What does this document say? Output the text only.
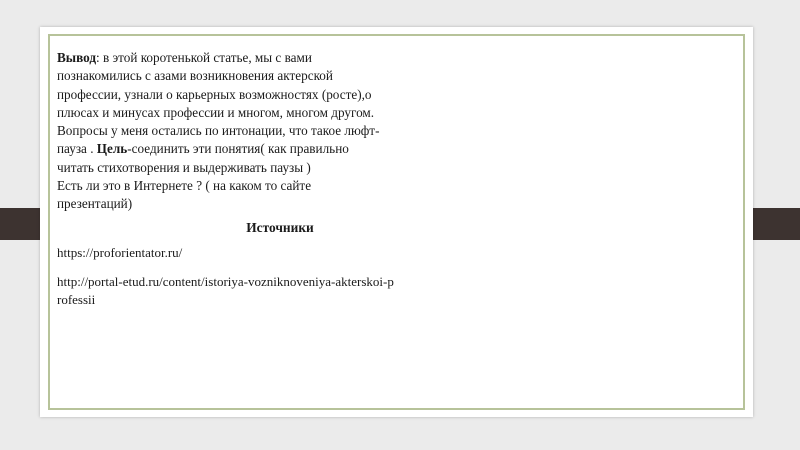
Вывод: в этой коротенькой статье, мы с вами
познакомились с азами возникновения актерской
профессии, узнали о карьерных возможностях (росте),о
плюсах и минусах профессии и многом, многом другом.
Вопросы у меня остались по интонации, что такое люфт-
пауза . Цель-соединить эти понятия( как правильно
читать стихотворения и выдерживать паузы )
Есть ли это в Интернете ? ( на каком то сайте
презентаций)
Источники
https://proforientator.ru/
http://portal-etud.ru/content/istoriya-vozniknoveniya-akterskoi-p
rofessii
